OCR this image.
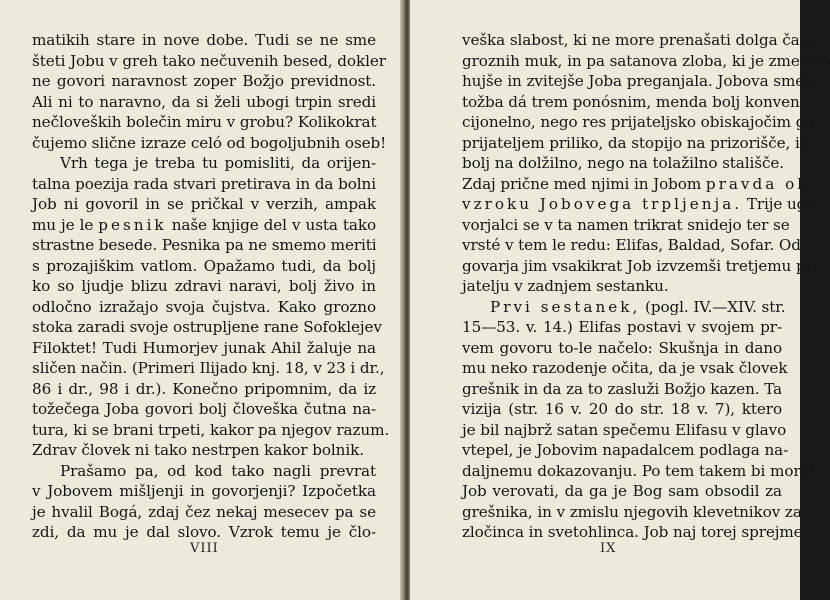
matikih stare in nove dobe. Tudi se ne sme
šteti Jobu v greh tako nečuvenih besed, dokler
ne govori naravnost zoper Božjo previdnost.
Ali ni to naravno, da si želi ubogi trpin sredi
nečloveških bolečin miru v grobu? Kolikokrat
čujemo slične izraze celó od bogoljubnih oseb!
Vrh tega je treba tu pomisliti, da orijen-
talna poezija rada stvari pretirava in da bolni
Job ni govoril in se pričkal v verzih, ampak
mu je le pesnik naše knjige del v usta tako
strastne besede. Pesnika pa ne smemo meriti
s prozajiškim vatlom. Opažamo tudi, da bolj
ko so ljudje blizu zdravi naravi, bolj živo in
odločno izražajo svoja čujstva. Kako grozno
stoka zaradi svoje ostrupljene rane Sofoklejev
Filoktet! Tudi Humorjev junak Ahil žaluje na
sličen način. (Primeri Ilijado knj. 18, v 23 i dr.,
86 i dr., 98 i dr.). Konečno pripomnim, da iz
tožečega Joba govori bolj človeška čutna na-
tura, ki se brani trpeti, kakor pa njegov razum.
Zdrav človek ni tako nestrpen kakor bolnik.
Prašamo pa, od kod tako nagli prevrat
v Jobovem mišljenji in govorjenji? Izpočetka
je hvalil Bogá, zdaj čez nekaj mesecev pa se
zdi, da mu je dal slovo. Vzrok temu je člo-
VIII
veška slabost, ki ne more prenašati dolga časa
groznih muk, in pa satanova zloba, ki je zmerom
hujše in zvitejše Joba preganjala. Jobova smela
tožba dá trem ponósnim, menda bolj konven-
cijonelno, nego res prijateljsko obiskajočim ga
prijateljem priliko, da stopijo na prizorišče, in
bolj na dolžilno, nego na tolažilno stališče.
Zdaj prične med njimi in Jobom pravda ob
vzroku Jobovega trpljenja. Trije ugo-
vorjalci se v ta namen trikrat snidejo ter se
vrsté v tem le redu: Elifas, Baldad, Sofar. Od-
govarja jim vsakikrat Job izvzemši tretjemu pri-
jatelju v zadnjem sestanku.
Prvi sestanek, (pogl. IV.—XIV. str.
15—53. v. 14.) Elifas postavi v svojem pr-
vem govoru to-le načelo: Skušnja in dano
mu neko razodenje očita, da je vsak človek
grešnik in da za to zasluži Božjo kazen. Ta
vizija (str. 16 v. 20 do str. 18 v. 7), ktero
je bil najbrž satan spečemu Elifasu v glavo
vtepel, je Jobovim napadalcem podlaga na-
daljnemu dokazovanju. Po tem takem bi moral
Job verovati, da ga je Bog sam obsodil za
grešnika, in v zmislu njegovih klevetnikov za
zločinca in svetohlinca. Job naj torej sprejme
IX
